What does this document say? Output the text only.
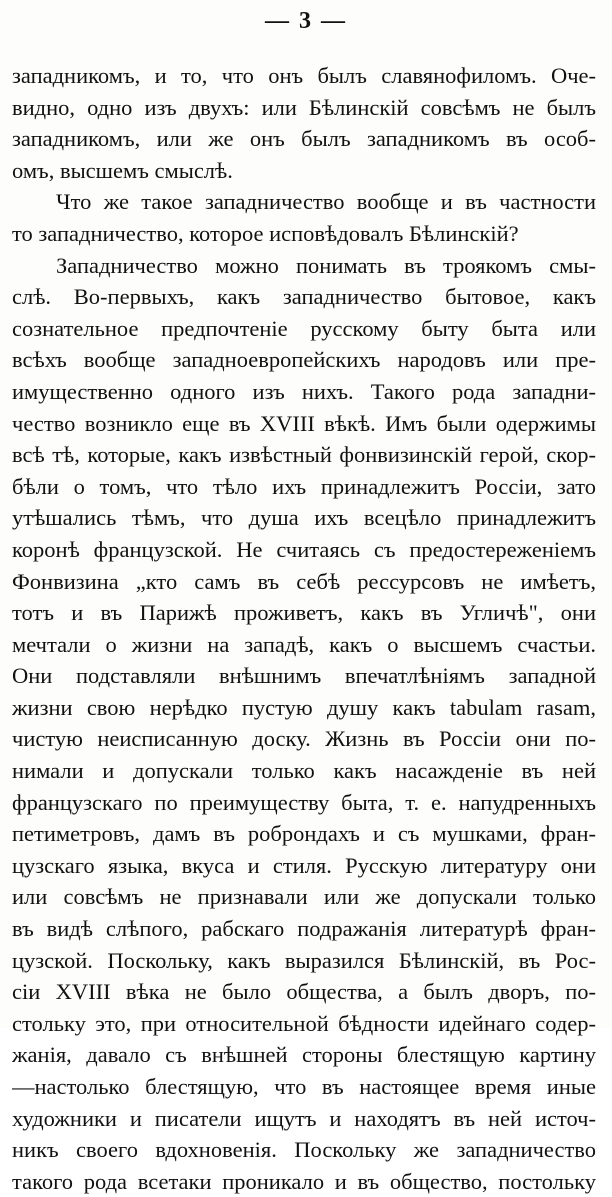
— 3 —
западникомъ, и то, что онъ былъ славянофиломъ. Оче-
видно, одно изъ двухъ: или Бѣлинскій совсѣмъ не былъ
западникомъ, или же онъ былъ западникомъ въ особ-
омъ, высшемъ смыслѣ.
Что же такое западничество вообще и въ частности
то западничество, которое исповѣдовалъ Бѣлинскій?
Западничество можно понимать въ троякомъ смы-
слѣ. Во-первыхъ, какъ западничество бытовое, какъ
сознательное предпочтеніе русскому быту быта или
всѣхъ вообще западноевропейскихъ народовъ или пре-
имущественно одного изъ нихъ. Такого рода западни-
чество возникло еще въ XVIII вѣкѣ. Имъ были одержимы
всѣ тѣ, которые, какъ извѣстный фонвизинскій герой, скор-
бѣли о томъ, что тѣло ихъ принадлежитъ Россіи, зато
утѣшались тѣмъ, что душа ихъ всецѣло принадлежитъ
коронѣ французской. Не считаясь съ предостереженіемъ
Фонвизина „кто самъ въ себѣ рессурсовъ не имѣетъ,
тотъ и въ Парижѣ проживетъ, какъ въ Угличѣ", они
мечтали о жизни на западѣ, какъ о высшемъ счастьи.
Они подставляли внѣшнимъ впечатлѣніямъ западной
жизни свою нерѣдко пустую душу какъ tabulam rasam,
чистую неисписанную доску. Жизнь въ Россіи они по-
нимали и допускали только какъ насажденіе въ ней
французскаго по преимуществу быта, т. е. напудренныхъ
петиметровъ, дамъ въ роброндахъ и съ мушками, фран-
цузскаго языка, вкуса и стиля. Русскую литературу они
или совсѣмъ не признавали или же допускали только
въ видѣ слѣпого, рабскаго подражанія литературѣ фран-
цузской. Поскольку, какъ выразился Бѣлинскій, въ Рос-
сіи XVIII вѣка не было общества, а былъ дворъ, по-
стольку это, при относительной бѣдности идейнаго содер-
жанія, давало съ внѣшней стороны блестящую картину
—настолько блестящую, что въ настоящее время иные
художники и писатели ищутъ и находятъ въ ней источ-
никъ своего вдохновенія. Поскольку же западничество
такого рода всетаки проникало и въ общество, постольку
